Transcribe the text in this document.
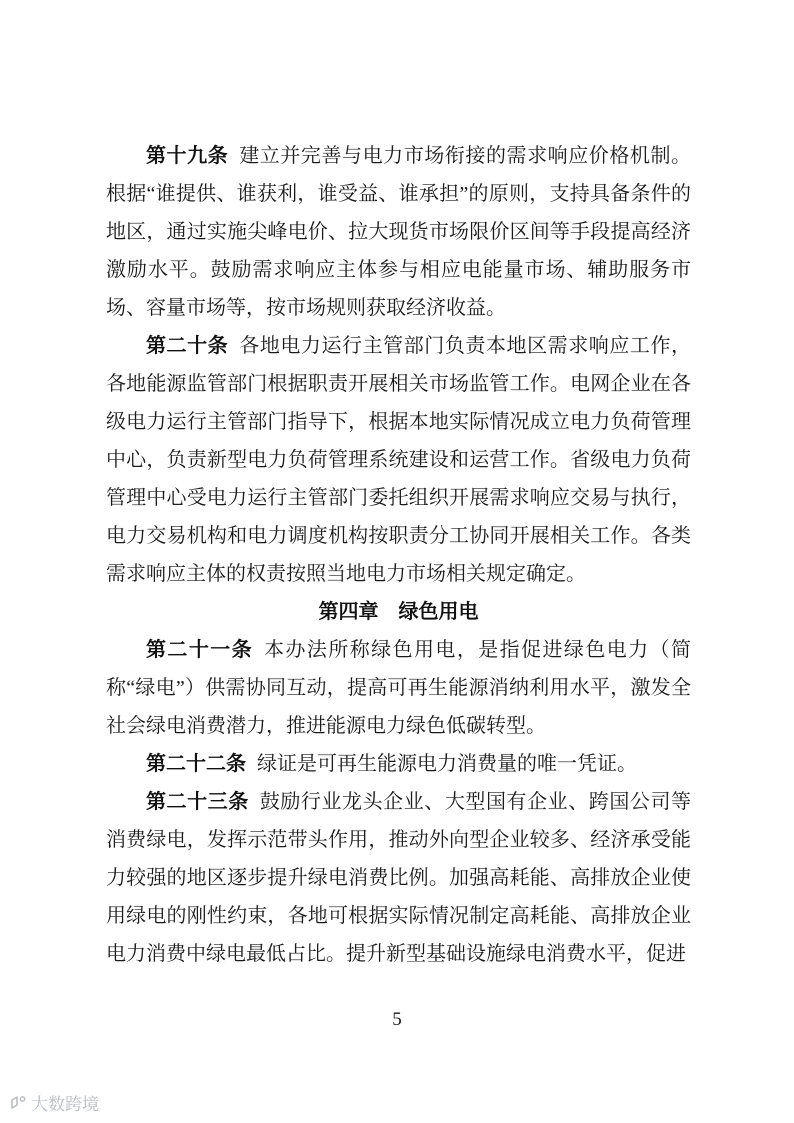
第十九条 建立并完善与电力市场衔接的需求响应价格机制。根据“谁提供、谁获利，谁受益、谁承担”的原则，支持具备条件的地区，通过实施尖峰电价、拉大现货市场限价区间等手段提高经济激励水平。鼓励需求响应主体参与相应电能量市场、辅助服务市场、容量市场等，按市场规则获取经济收益。

第二十条 各地电力运行主管部门负责本地区需求响应工作，各地能源监管部门根据职责开展相关市场监管工作。电网企业在各级电力运行主管部门指导下，根据本地实际情况成立电力负荷管理中心，负责新型电力负荷管理系统建设和运营工作。省级电力负荷管理中心受电力运行主管部门委托组织开展需求响应交易与执行，电力交易机构和电力调度机构按职责分工协同开展相关工作。各类需求响应主体的权责按照当地电力市场相关规定确定。

第四章　绿色用电

第二十一条 本办法所称绿色用电，是指促进绿色电力（简称“绿电”）供需协同互动，提高可再生能源消纳利用水平，激发全社会绿电消费潜力，推进能源电力绿色低碳转型。

第二十二条 绿证是可再生能源电力消费量的唯一凭证。

第二十三条 鼓励行业龙头企业、大型国有企业、跨国公司等消费绿电，发挥示范带头作用，推动外向型企业较多、经济承受能力较强的地区逐步提升绿电消费比例。加强高耗能、高排放企业使用绿电的刚性约束，各地可根据实际情况制定高耗能、高排放企业电力消费中绿电最低占比。提升新型基础设施绿电消费水平，促进

5
大数跨境
